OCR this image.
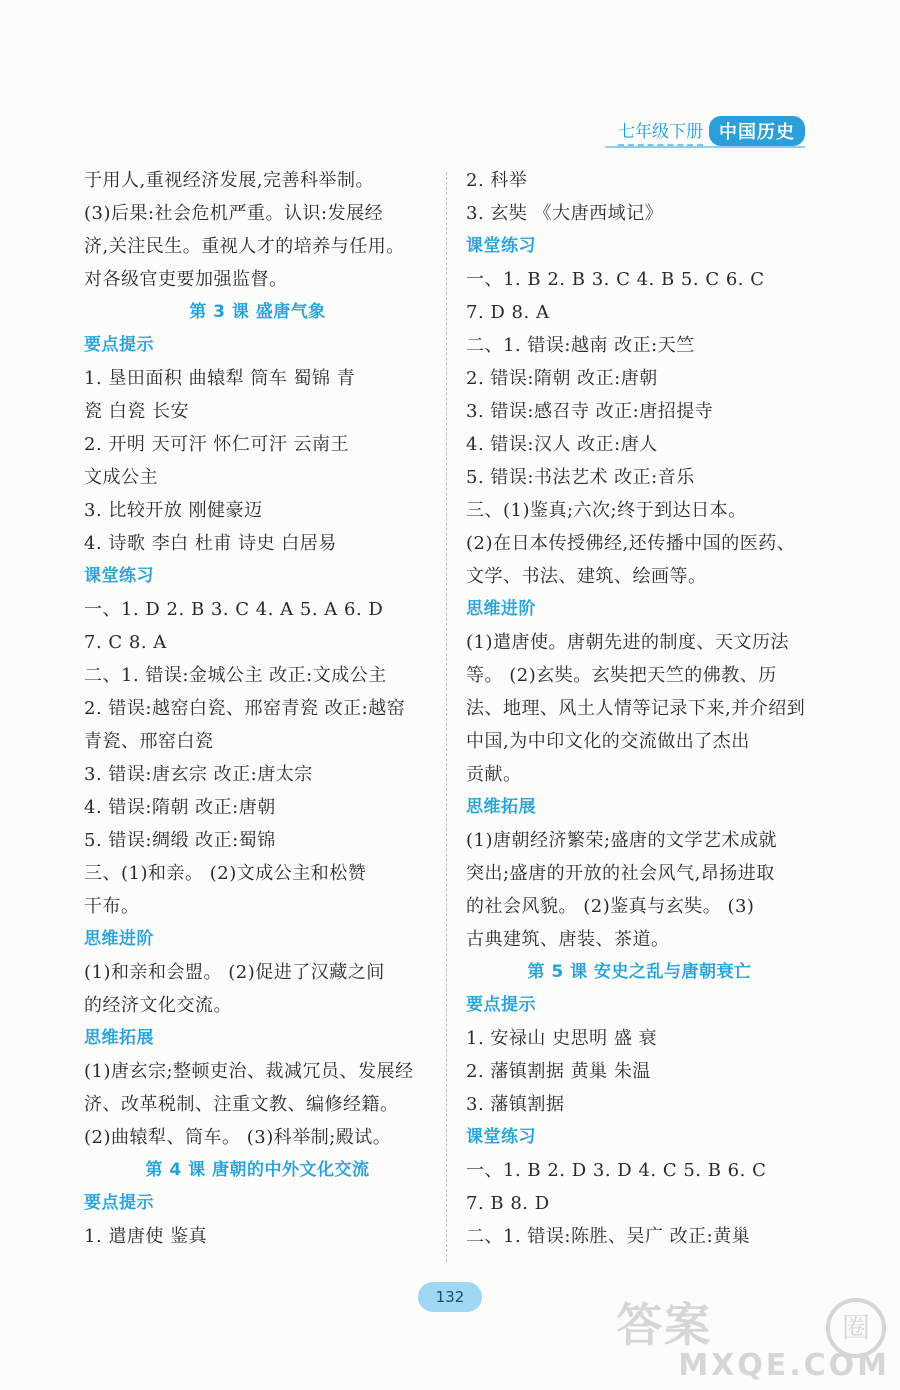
七年级下册 中国历史
于用人,重视经济发展,完善科举制。
(3)后果:社会危机严重。认识:发展经
济,关注民生。重视人才的培养与任用。
对各级官吏要加强监督。
第 3 课 盛唐气象
要点提示
1. 垦田面积 曲辕犁 筒车 蜀锦 青
瓷 白瓷 长安
2. 开明 天可汗 怀仁可汗 云南王
文成公主
3. 比较开放 刚健豪迈
4. 诗歌 李白 杜甫 诗史 白居易
课堂练习
一、1. D 2. B 3. C 4. A 5. A 6. D
7. C 8. A
二、1. 错误:金城公主 改正:文成公主
2. 错误:越窑白瓷、邢窑青瓷 改正:越窑
青瓷、邢窑白瓷
3. 错误:唐玄宗 改正:唐太宗
4. 错误:隋朝 改正:唐朝
5. 错误:绸缎 改正:蜀锦
三、(1)和亲。 (2)文成公主和松赞
干布。
思维进阶
(1)和亲和会盟。 (2)促进了汉藏之间
的经济文化交流。
思维拓展
(1)唐玄宗;整顿吏治、裁减冗员、发展经
济、改革税制、注重文教、编修经籍。
(2)曲辕犁、筒车。 (3)科举制;殿试。
第 4 课 唐朝的中外文化交流
要点提示
1. 遣唐使 鉴真
2. 科举
3. 玄奘 《大唐西域记》
课堂练习
一、1. B 2. B 3. C 4. B 5. C 6. C
7. D 8. A
二、1. 错误:越南 改正:天竺
2. 错误:隋朝 改正:唐朝
3. 错误:感召寺 改正:唐招提寺
4. 错误:汉人 改正:唐人
5. 错误:书法艺术 改正:音乐
三、(1)鉴真;六次;终于到达日本。
(2)在日本传授佛经,还传播中国的医药、
文学、书法、建筑、绘画等。
思维进阶
(1)遣唐使。唐朝先进的制度、天文历法
等。 (2)玄奘。玄奘把天竺的佛教、历
法、地理、风土人情等记录下来,并介绍到
中国,为中印文化的交流做出了杰出
贡献。
思维拓展
(1)唐朝经济繁荣;盛唐的文学艺术成就
突出;盛唐的开放的社会风气,昂扬进取
的社会风貌。 (2)鉴真与玄奘。 (3)
古典建筑、唐装、茶道。
第 5 课 安史之乱与唐朝衰亡
要点提示
1. 安禄山 史思明 盛 衰
2. 藩镇割据 黄巢 朱温
3. 藩镇割据
课堂练习
一、1. B 2. D 3. D 4. C 5. B 6. C
7. B 8. D
二、1. 错误:陈胜、吴广 改正:黄巢
132
答案	圈
MXQE.COM
